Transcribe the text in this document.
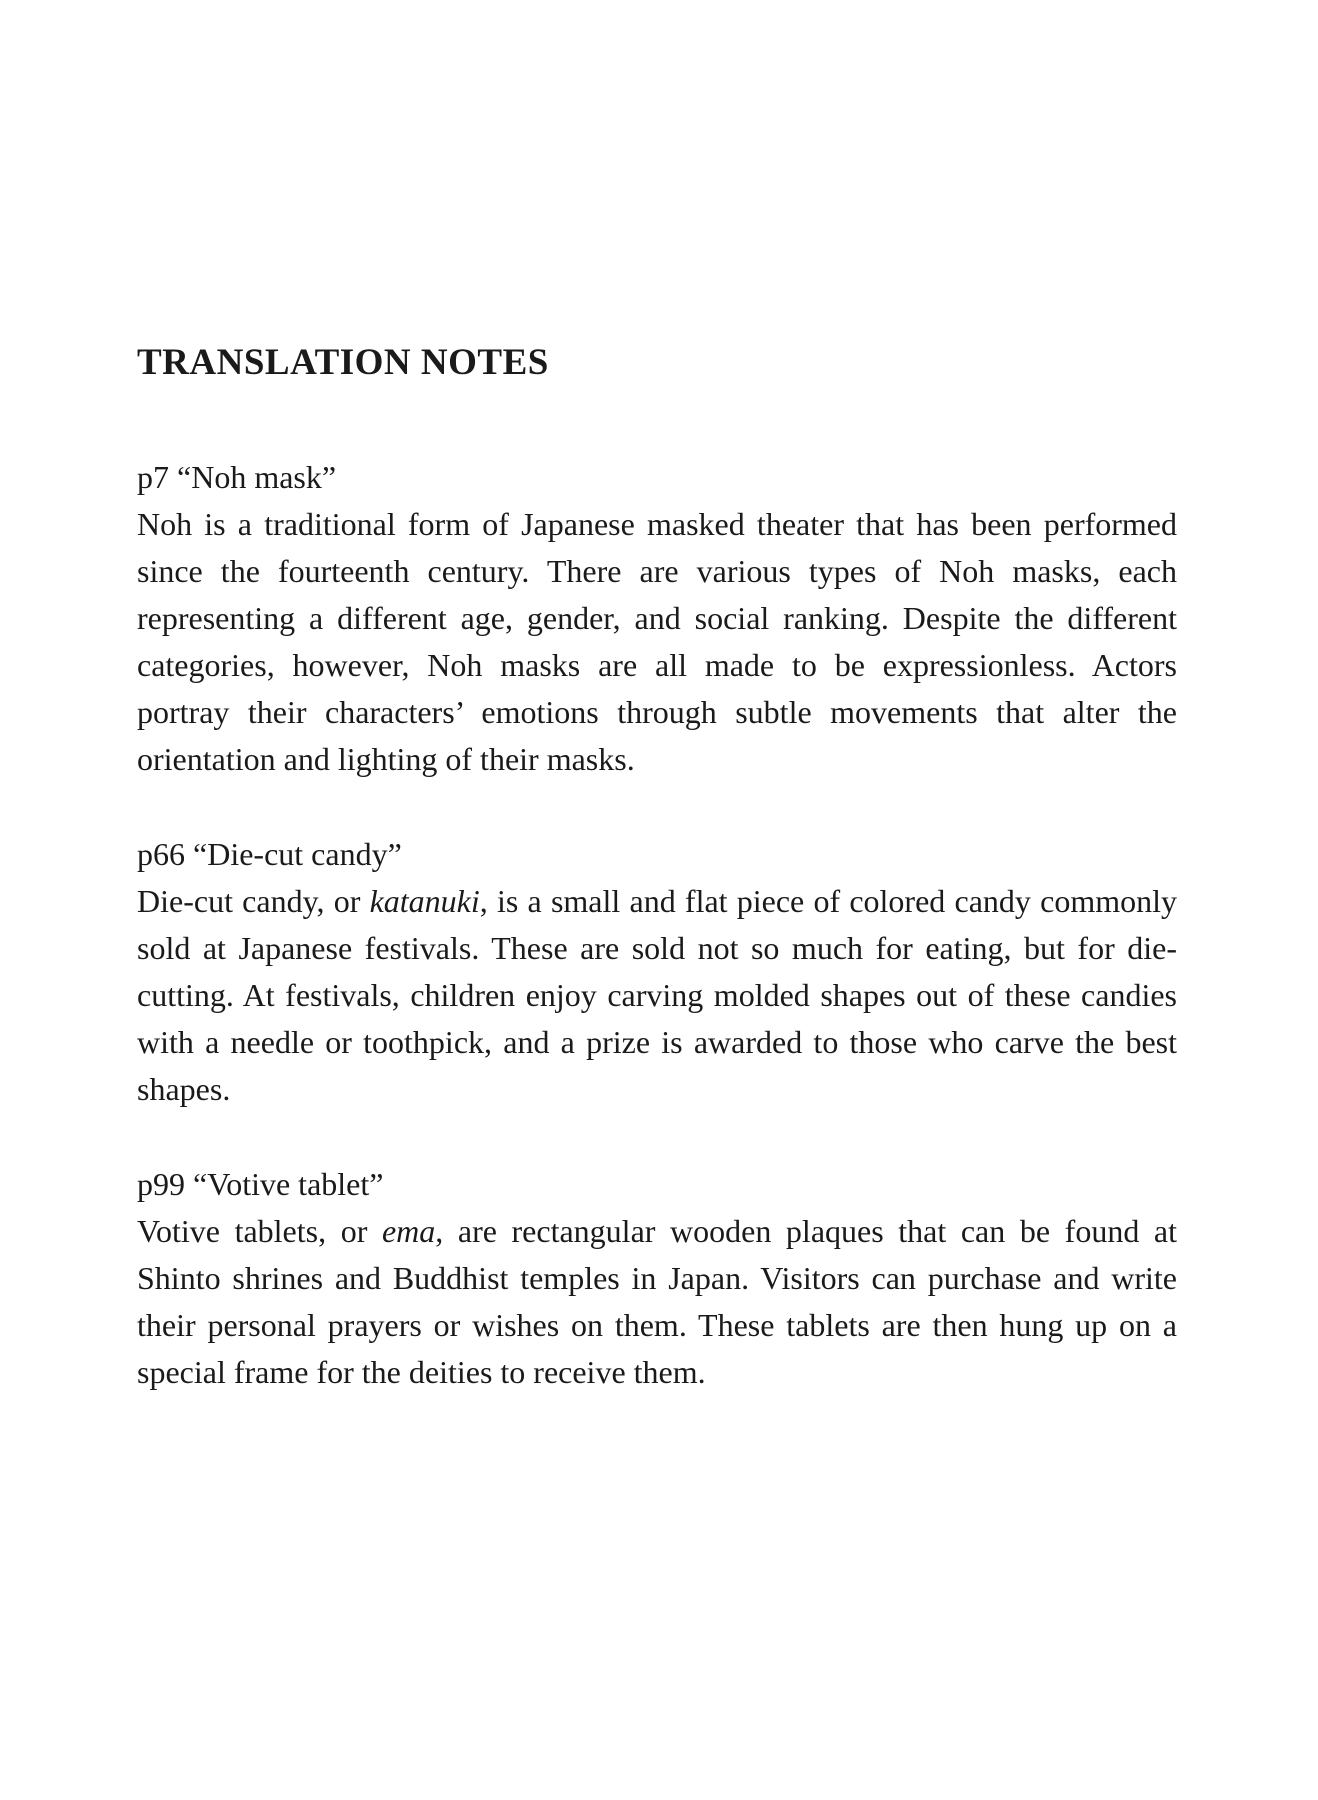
TRANSLATION NOTES

p7 “Noh mask”

Noh is a traditional form of Japanese masked theater that has been performed since the fourteenth century. There are various types of Noh masks, each representing a different age, gender, and social ranking. Despite the different categories, however, Noh masks are all made to be expressionless. Actors portray their characters’ emotions through subtle movements that alter the orientation and lighting of their masks.

p66 “Die-cut candy”

Die-cut candy, or katanuki, is a small and flat piece of colored candy commonly sold at Japanese festivals. These are sold not so much for eating, but for die-cutting. At festivals, children enjoy carving molded shapes out of these candies with a needle or toothpick, and a prize is awarded to those who carve the best shapes.

p99 “Votive tablet”

Votive tablets, or ema, are rectangular wooden plaques that can be found at Shinto shrines and Buddhist temples in Japan. Visitors can purchase and write their personal prayers or wishes on them. These tablets are then hung up on a special frame for the deities to receive them.
